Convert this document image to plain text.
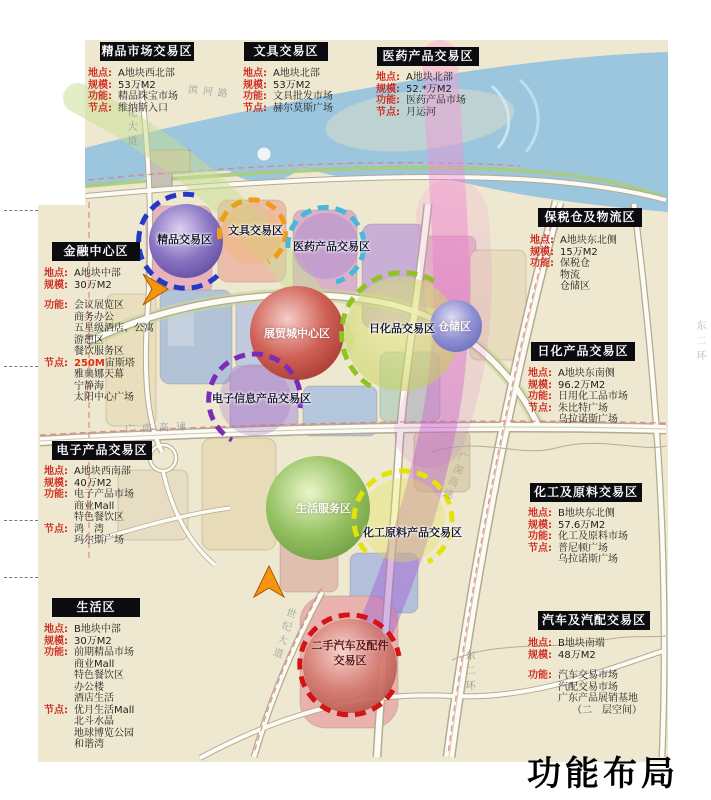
精品交易区
文具交易区
医药产品交易区
展贸城中心区	日化品交易区 仓储区
电子信息产品交易区
生活服务区
化工原料产品交易区
二手汽车及配件
交易区
滨河路
化大道
广南高速
广深高速
东二环
东二环
世纪大道
精品市场交易区
地点: A地块西北部
规模: 53万M2
功能: 精品珠宝市场
节点: 维纳斯入口
文具交易区
地点: A地块北部
规模: 53万M2
功能: 文具批发市场
节点: 赫尔莫斯广场
医药产品交易区
地点: A地块北部
规模: 52.*万M2
功能: 医药产品市场
节点: 月运河
金融中心区
地点: A地块中部
规模: 30万M2
功能: 会议展览区
商务办公
五星级酒店、公寓
游憩区
餐饮服务区
节点: 250M宙斯塔
雅典娜天幕
宁静海
太阳中心广场
电子产品交易区
地点: A地块西南部
规模: 40万M2
功能: 电子产品市场
商业Mall
特色餐饮区
节点: 鸿　湾
玛尔斯广场
生活区
地点: B地块中部
规模: 30万M2
功能: 前期精品市场
商业Mall
特色餐饮区
办公楼
酒店生活
节点: 优月生活Mall
北斗水晶
地球博览公园
和谐湾
保税仓及物流区
地点: A地块东北侧
规模: 15万M2
功能: 保税仓
物流
仓储区
日化产品交易区
地点: A地块东南侧
规模: 96.2万M2
功能: 日用化工品市场
节点: 朱比特广场
乌拉诺斯广场
化工及原料交易区
地点: B地块东北侧
规模: 57.6万M2
功能: 化工及原料市场
节点: 普尼顿广场
乌拉诺斯广场
汽车及汽配交易区
地点: B地块南端
规模: 48万M2
功能: 汽车交易市场
汽配交易市场
广东产品展销基地
（二　层空间）
功能布局
